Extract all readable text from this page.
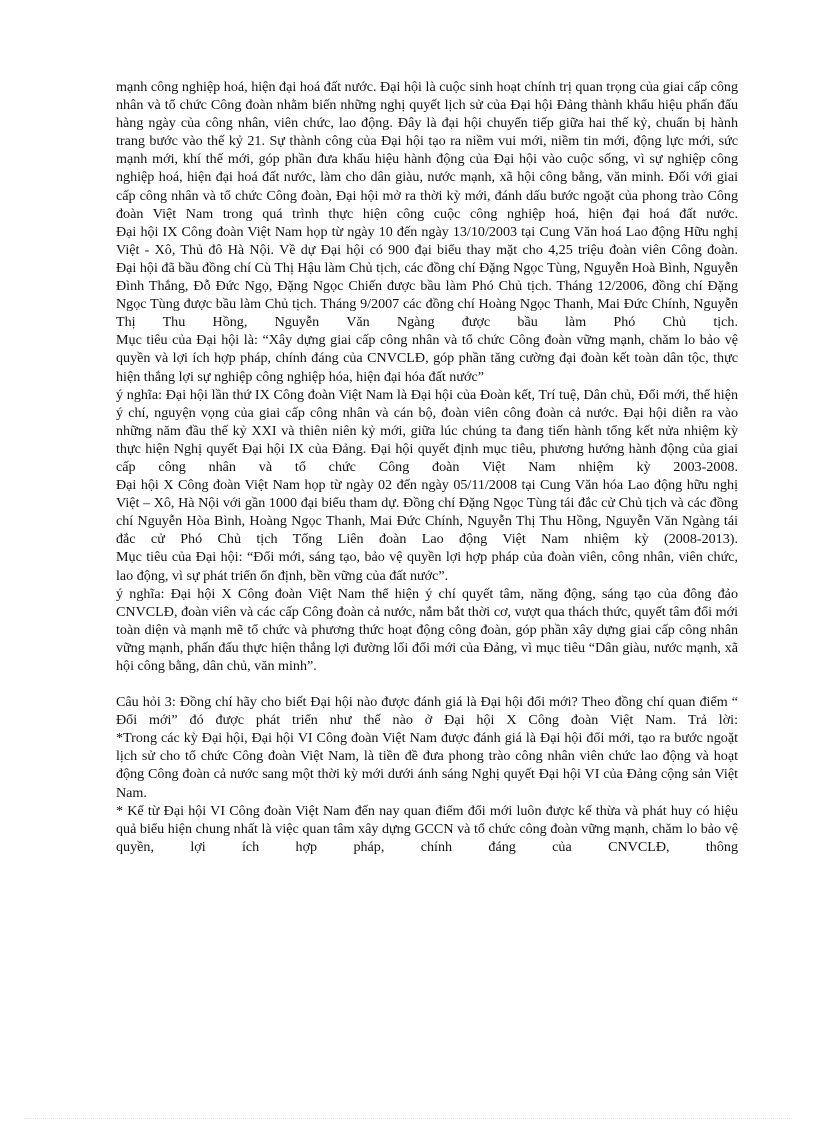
mạnh công nghiệp hoá, hiện đại hoá đất nước. Đại hội là cuộc sinh hoạt chính trị quan trọng của giai cấp công nhân và tổ chức Công đoàn nhằm biến những nghị quyết lịch sử của Đại hội Đảng thành khẩu hiệu phấn đấu hàng ngày của công nhân, viên chức, lao động. Đây là đại hội chuyển tiếp giữa hai thế kỷ, chuẩn bị hành trang bước vào thế kỷ 21. Sự thành công của Đại hội tạo ra niềm vui mới, niềm tin mới, động lực mới, sức mạnh mới, khí thế mới, góp phần đưa khẩu hiệu hành động của Đại hội vào cuộc sống, vì sự nghiệp công nghiệp hoá, hiện đại hoá đất nước, làm cho dân giàu, nước mạnh, xã hội công bằng, văn minh. Đối với giai cấp công nhân và tổ chức Công đoàn, Đại hội mở ra thời kỳ mới, đánh dấu bước ngoặt của phong trào Công đoàn Việt Nam trong quá trình thực hiện công cuộc công nghiệp hoá, hiện đại hoá đất nước.

Đại hội IX Công đoàn Việt Nam họp từ ngày 10 đến ngày 13/10/2003 tại Cung Văn hoá Lao động Hữu nghị Việt - Xô, Thủ đô Hà Nội. Về dự Đại hội có 900 đại biểu thay mặt cho 4,25 triệu đoàn viên Công đoàn.

Đại hội đã bầu đồng chí Cù Thị Hậu làm Chủ tịch, các đồng chí Đặng Ngọc Tùng, Nguyễn Hoà Bình, Nguyễn Đình Thắng, Đỗ Đức Ngọ, Đặng Ngọc Chiến được bầu làm Phó Chủ tịch. Tháng 12/2006, đồng chí Đặng Ngọc Tùng được bầu làm Chủ tịch. Tháng 9/2007 các đồng chí Hoàng Ngọc Thanh, Mai Đức Chính, Nguyễn Thị Thu Hồng, Nguyễn Văn Ngàng được bầu làm Phó Chủ tịch.

Mục tiêu của Đại hội là: “Xây dựng giai cấp công nhân và tổ chức Công đoàn vững mạnh, chăm lo bảo vệ quyền và lợi ích hợp pháp, chính đáng của CNVCLĐ, góp phần tăng cường đại đoàn kết toàn dân tộc, thực hiện thắng lợi sự nghiệp công nghiệp hóa, hiện đại hóa đất nước”

ý nghĩa: Đại hội lần thứ IX Công đoàn Việt Nam là Đại hội của Đoàn kết, Trí tuệ, Dân chủ, Đổi mới, thể hiện ý chí, nguyện vọng của giai cấp công nhân và cán bộ, đoàn viên công đoàn cả nước. Đại hội diễn ra vào những năm đầu thế kỷ XXI và thiên niên kỷ mới, giữa lúc chúng ta đang tiến hành tổng kết nửa nhiệm kỳ thực hiện Nghị quyết Đại hội IX của Đảng. Đại hội quyết định mục tiêu, phương hướng hành động của giai cấp công nhân và tổ chức Công đoàn Việt Nam nhiệm kỳ 2003-2008.

Đại hội X Công đoàn Việt Nam họp từ ngày 02 đến ngày 05/11/2008 tại Cung Văn hóa Lao động hữu nghị Việt – Xô, Hà Nội với gần 1000 đại biểu tham dự. Đồng chí Đặng Ngọc Tùng tái đắc cử Chủ tịch và các đồng chí Nguyễn Hòa Bình, Hoàng Ngọc Thanh, Mai Đức Chính, Nguyễn Thị Thu Hồng, Nguyễn Văn Ngàng tái đắc cử Phó Chủ tịch Tổng Liên đoàn Lao động Việt Nam nhiệm kỳ (2008-2013).

Mục tiêu của Đại hội: “Đổi mới, sáng tạo, bảo vệ quyền lợi hợp pháp của đoàn viên, công nhân, viên chức, lao động, vì sự phát triển ổn định, bền vững của đất nước”.

ý nghĩa: Đại hội X Công đoàn Việt Nam thể hiện ý chí quyết tâm, năng động, sáng tạo của đông đảo CNVCLĐ, đoàn viên và các cấp Công đoàn cả nước, nắm bắt thời cơ, vượt qua thách thức, quyết tâm đổi mới toàn diện và mạnh mẽ tổ chức và phương thức hoạt động công đoàn, góp phần xây dựng giai cấp công nhân vững mạnh, phấn đấu thực hiện thắng lợi đường lối đổi mới của Đảng, vì mục tiêu “Dân giàu, nước mạnh, xã hội công bằng, dân chủ, văn minh”.

Câu hỏi 3: Đồng chí hãy cho biết Đại hội nào được đánh giá là Đại hội đổi mới? Theo đồng chí quan điểm “ Đổi mới” đó được phát triển như thế nào ở Đại hội X Công đoàn Việt Nam. Trả lời:

*Trong các kỳ Đại hội, Đại hội VI Công đoàn Việt Nam được đánh giá là Đại hội đổi mới, tạo ra bước ngoặt lịch sử cho tổ chức Công đoàn Việt Nam, là tiền đề đưa phong trào công nhân viên chức lao động và hoạt động Công đoàn cả nước sang một thời kỳ mới dưới ánh sáng Nghị quyết Đại hội VI của Đảng cộng sản Việt Nam.

* Kể từ Đại hội VI Công đoàn Việt Nam đến nay quan điểm đổi mới luôn được kế thừa và phát huy có hiệu quả biểu hiện chung nhất là việc quan tâm xây dựng GCCN và tổ chức công đoàn vững mạnh, chăm lo bảo vệ quyền, lợi ích hợp pháp, chính đáng của CNVCLĐ, thông
